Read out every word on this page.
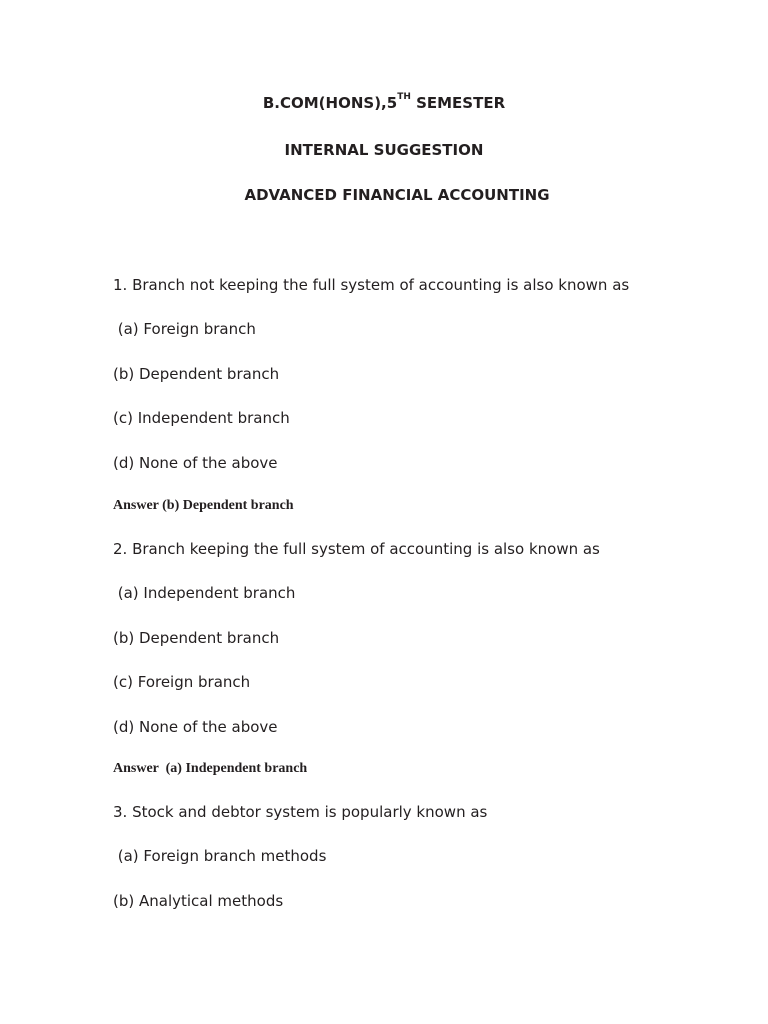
B.COM(HONS),5TH SEMESTER
INTERNAL SUGGESTION
ADVANCED FINANCIAL ACCOUNTING
1. Branch not keeping the full system of accounting is also known as
(a) Foreign branch
(b) Dependent branch
(c) Independent branch
(d) None of the above
Answer (b) Dependent branch
2. Branch keeping the full system of accounting is also known as
(a) Independent branch
(b) Dependent branch
(c) Foreign branch
(d) None of the above
Answer  (a) Independent branch
3. Stock and debtor system is popularly known as
(a) Foreign branch methods
(b) Analytical methods
